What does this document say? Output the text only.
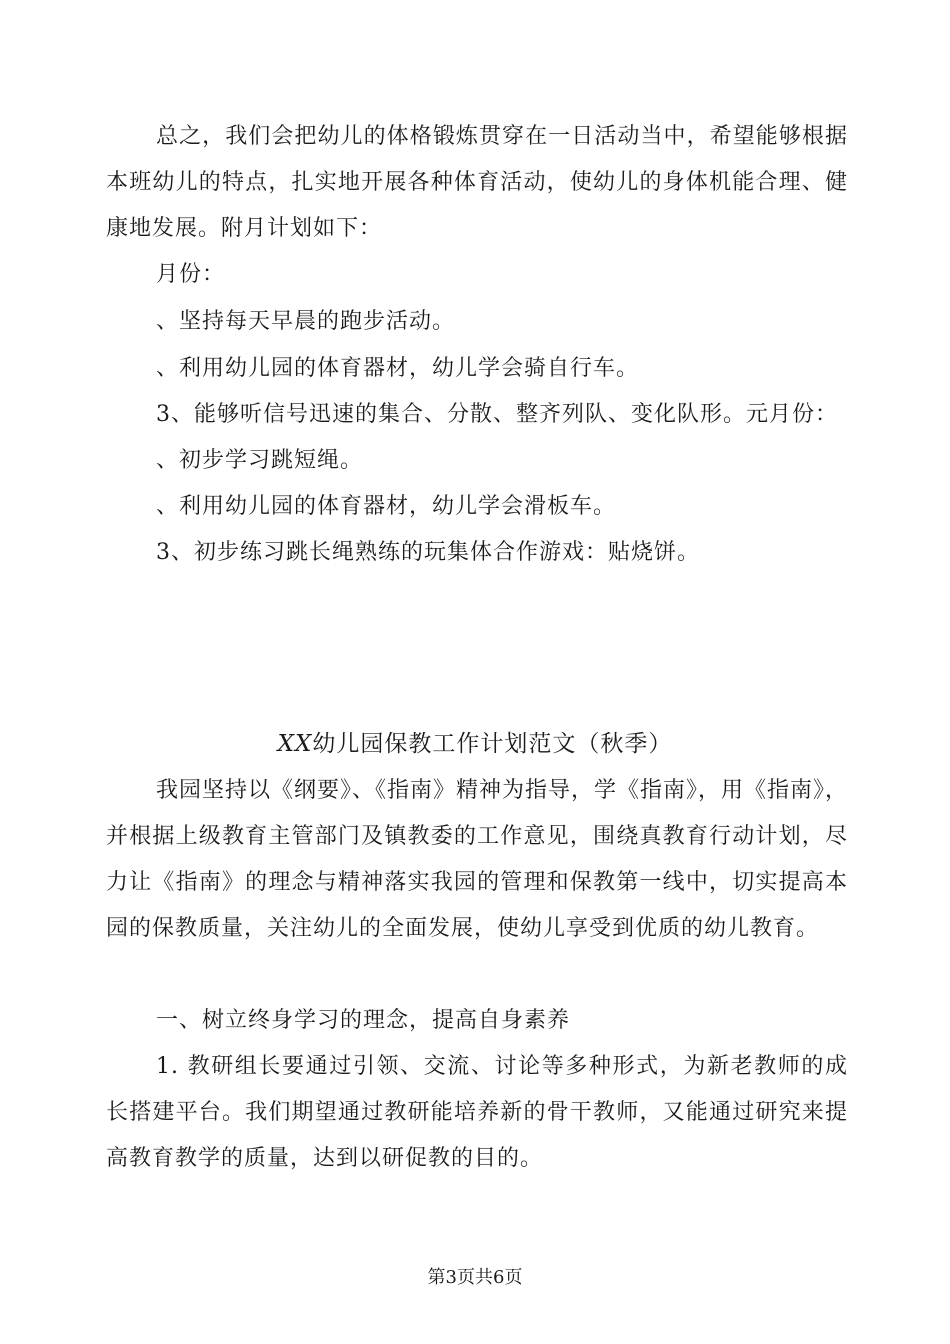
总之，我们会把幼儿的体格锻炼贯穿在一日活动当中，希望能够根据本班幼儿的特点，扎实地开展各种体育活动，使幼儿的身体机能合理、健康地发展。附月计划如下：

月份：

、坚持每天早晨的跑步活动。

、利用幼儿园的体育器材，幼儿学会骑自行车。

3、能够听信号迅速的集合、分散、整齐列队、变化队形。元月份：

、初步学习跳短绳。

、利用幼儿园的体育器材，幼儿学会滑板车。

3、初步练习跳长绳熟练的玩集体合作游戏：贴烧饼。

XX幼儿园保教工作计划范文（秋季）

我园坚持以《纲要》、《指南》精神为指导，学《指南》，用《指南》，并根据上级教育主管部门及镇教委的工作意见，围绕真教育行动计划，尽力让《指南》的理念与精神落实我园的管理和保教第一线中，切实提高本园的保教质量，关注幼儿的全面发展，使幼儿享受到优质的幼儿教育。

一、树立终身学习的理念，提高自身素养

1. 教研组长要通过引领、交流、讨论等多种形式，为新老教师的成长搭建平台。我们期望通过教研能培养新的骨干教师，又能通过研究来提高教育教学的质量，达到以研促教的目的。

第3页共6页
